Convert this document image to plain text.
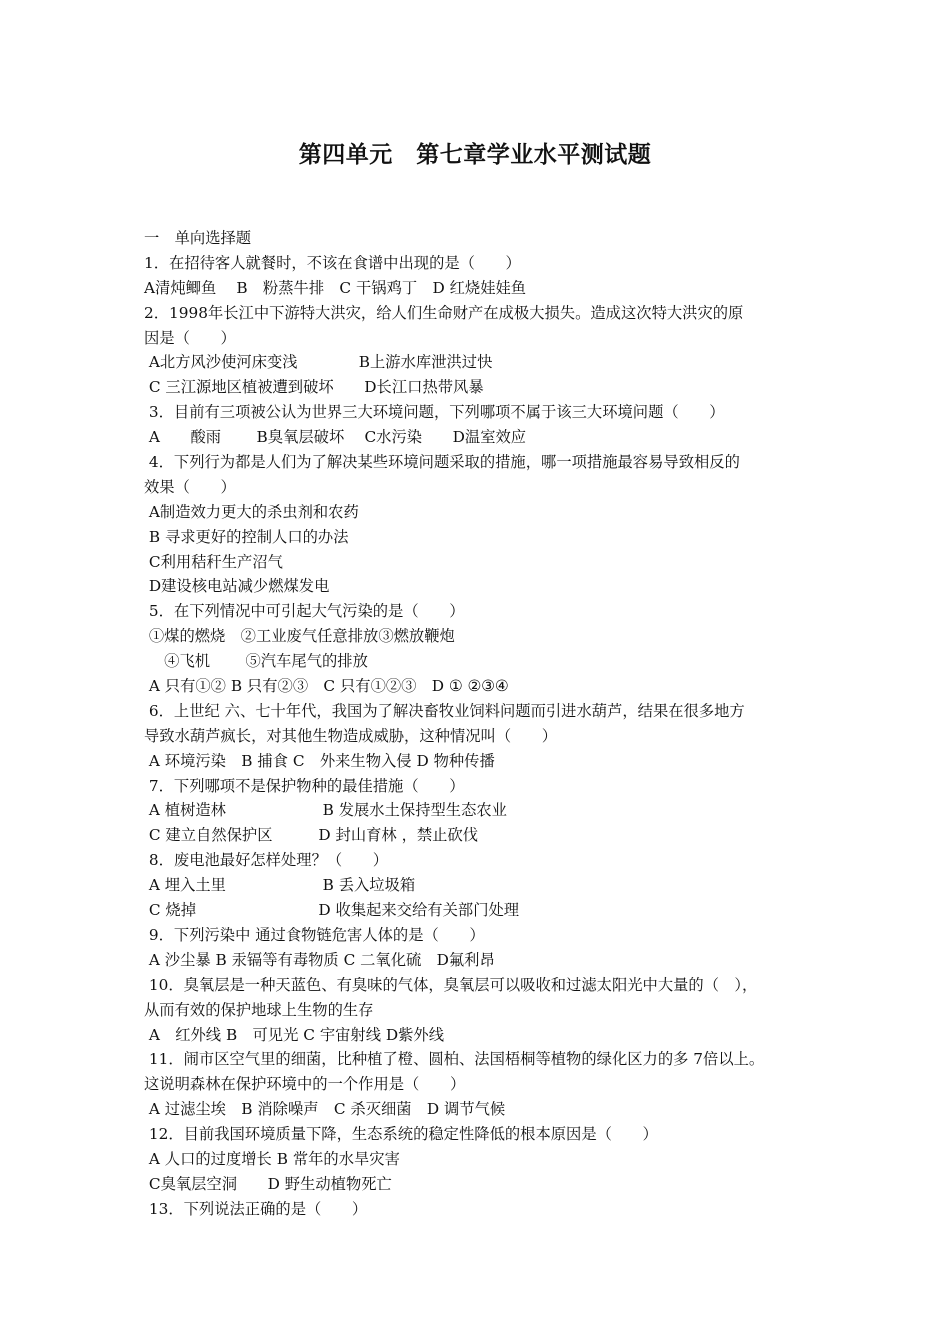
第四单元　第七章学业水平测试题
一　单向选择题
1．在招待客人就餐时，不该在食谱中出现的是（　　）
A清炖鲫鱼　 B　粉蒸牛排　C 干锅鸡丁　D 红烧娃娃鱼
2．1998年长江中下游特大洪灾，给人们生命财产在成极大损失。造成这次特大洪灾的原
因是（　　）
A北方风沙使河床变浅　　　　B上游水库泄洪过快
C 三江源地区植被遭到破坏　　D长江口热带风暴
3．目前有三项被公认为世界三大环境问题，下列哪项不属于该三大环境问题（　　）
A　　酸雨　　 B臭氧层破坏　 C水污染　　D温室效应
4．下列行为都是人们为了解决某些环境问题采取的措施，哪一项措施最容易导致相反的
效果（　　）
A制造效力更大的杀虫剂和农药
B 寻求更好的控制人口的办法
C利用秸秆生产沼气
D建设核电站减少燃煤发电
5．在下列情况中可引起大气污染的是（　　）
①煤的燃烧　②工业废气任意排放③燃放鞭炮
　 ④飞机　　 ⑤汽车尾气的排放
A 只有①② B 只有②③　C 只有①②③　D ① ②③④
6．上世纪 六、七十年代，我国为了解决畜牧业饲料问题而引进水葫芦，结果在很多地方
导致水葫芦疯长，对其他生物造成威胁，这种情况叫（　　）
A 环境污染　B 捕食 C　外来生物入侵 D 物种传播
7．下列哪项不是保护物种的最佳措施（　　）
A 植树造林　　　　　　 B 发展水土保持型生态农业
C 建立自然保护区　　　D 封山育林 ，禁止砍伐
8．废电池最好怎样处理？（　　）
A 埋入土里　　　　　　 B 丢入垃圾箱
C 烧掉　　　　　　　　D 收集起来交给有关部门处理
9．下列污染中 通过食物链危害人体的是（　　）
A 沙尘暴 B 汞镉等有毒物质 C 二氧化硫　D氟利昂
10．臭氧层是一种天蓝色、有臭味的气体，臭氧层可以吸收和过滤太阳光中大量的（　），
从而有效的保护地球上生物的生存
A　红外线 B　可见光 C 宇宙射线 D紫外线
11．闹市区空气里的细菌，比种植了橙、圆柏、法国梧桐等植物的绿化区力的多 7倍以上。
这说明森林在保护环境中的一个作用是（　　）
A 过滤尘埃　B 消除噪声　C 杀灭细菌　D 调节气候
12．目前我国环境质量下降，生态系统的稳定性降低的根本原因是（　　）
A 人口的过度增长 B 常年的水旱灾害
C臭氧层空洞　　D 野生动植物死亡
13．下列说法正确的是（　　）
